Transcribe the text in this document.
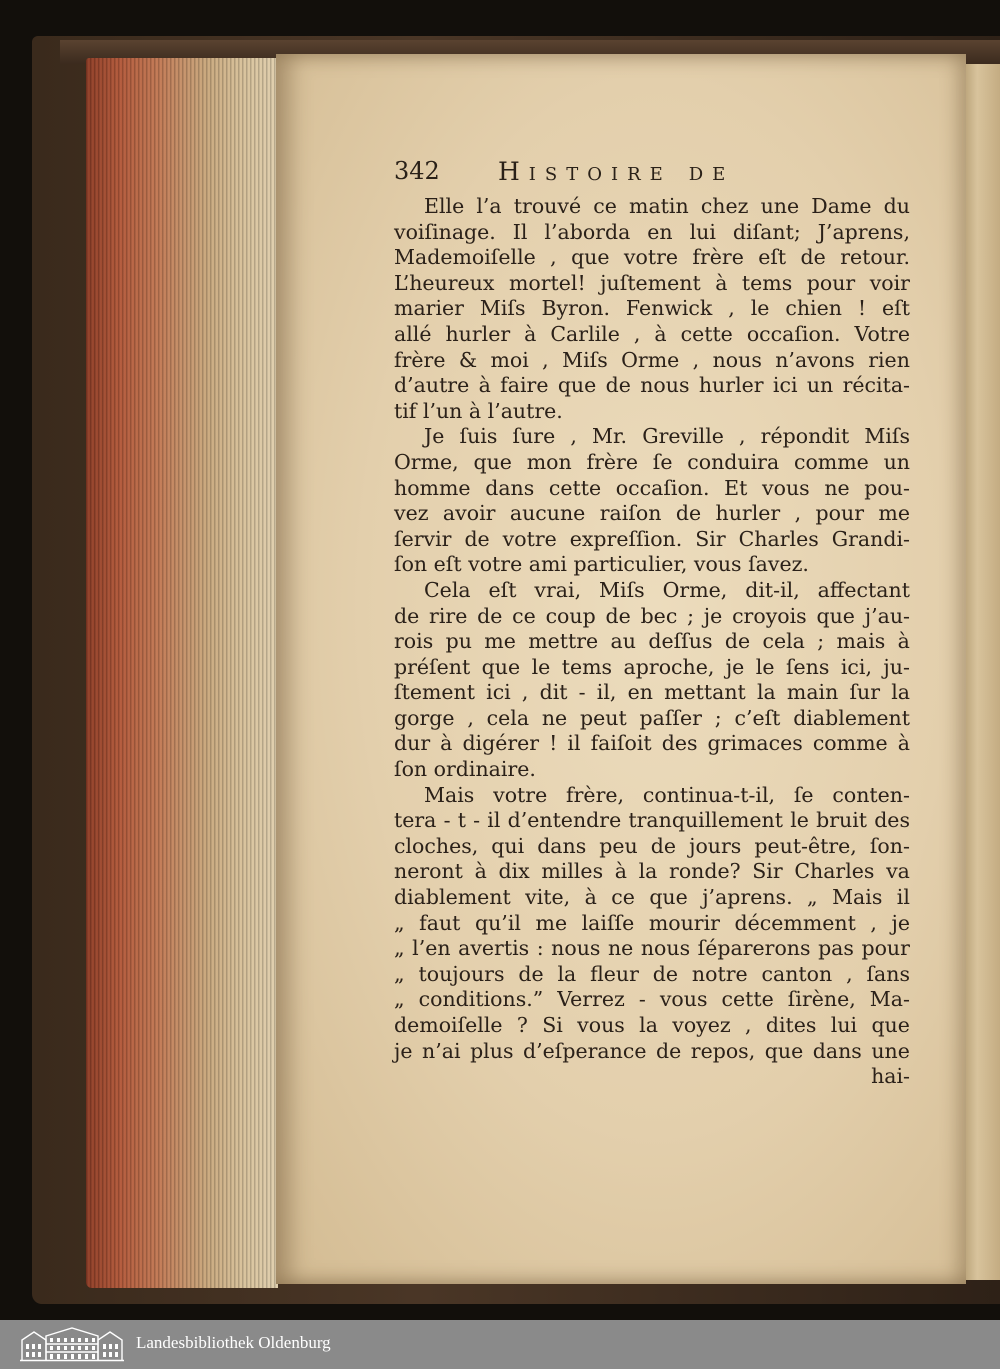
342 Histoire de
Elle l’a trouvé ce matin chez une Dame du
voiſinage. Il l’aborda en lui diſant; J’aprens,
Mademoiſelle , que votre frère eſt de retour.
L’heureux mortel! juſtement à tems pour voir
marier Miſs Byron. Fenwick , le chien ! eſt
allé hurler à Carlile , à cette occaſion. Votre
frère & moi , Miſs Orme , nous n’avons rien
d’autre à faire que de nous hurler ici un récita-
tif l’un à l’autre.
Je ſuis ſure , Mr. Greville , répondit Miſs
Orme, que mon frère ſe conduira comme un
homme dans cette occaſion. Et vous ne pou-
vez avoir aucune raiſon de hurler , pour me
ſervir de votre expreſſion. Sir Charles Grandi-
ſon eſt votre ami particulier, vous ſavez.
Cela eſt vrai, Miſs Orme, dit-il, affectant
de rire de ce coup de bec ; je croyois que j’au-
rois pu me mettre au deſſus de cela ; mais à
préſent que le tems aproche, je le ſens ici, ju-
ſtement ici , dit - il, en mettant la main ſur la
gorge , cela ne peut paſſer ; c’eſt diablement
dur à digérer ! il faiſoit des grimaces comme à
ſon ordinaire.
Mais votre frère, continua-t-il, ſe conten-
tera - t - il d’entendre tranquillement le bruit des
cloches, qui dans peu de jours peut-être, ſon-
neront à dix milles à la ronde? Sir Charles va
diablement vite, à ce que j’aprens. „ Mais il
„ faut qu’il me laiſſe mourir décemment , je
„ l’en avertis : nous ne nous ſéparerons pas pour
„ toujours de la fleur de notre canton , ſans
„ conditions.” Verrez - vous cette ſirène, Ma-
demoiſelle ? Si vous la voyez , dites lui que
je n’ai plus d’eſperance de repos, que dans une
hai-
Landesbibliothek Oldenburg
